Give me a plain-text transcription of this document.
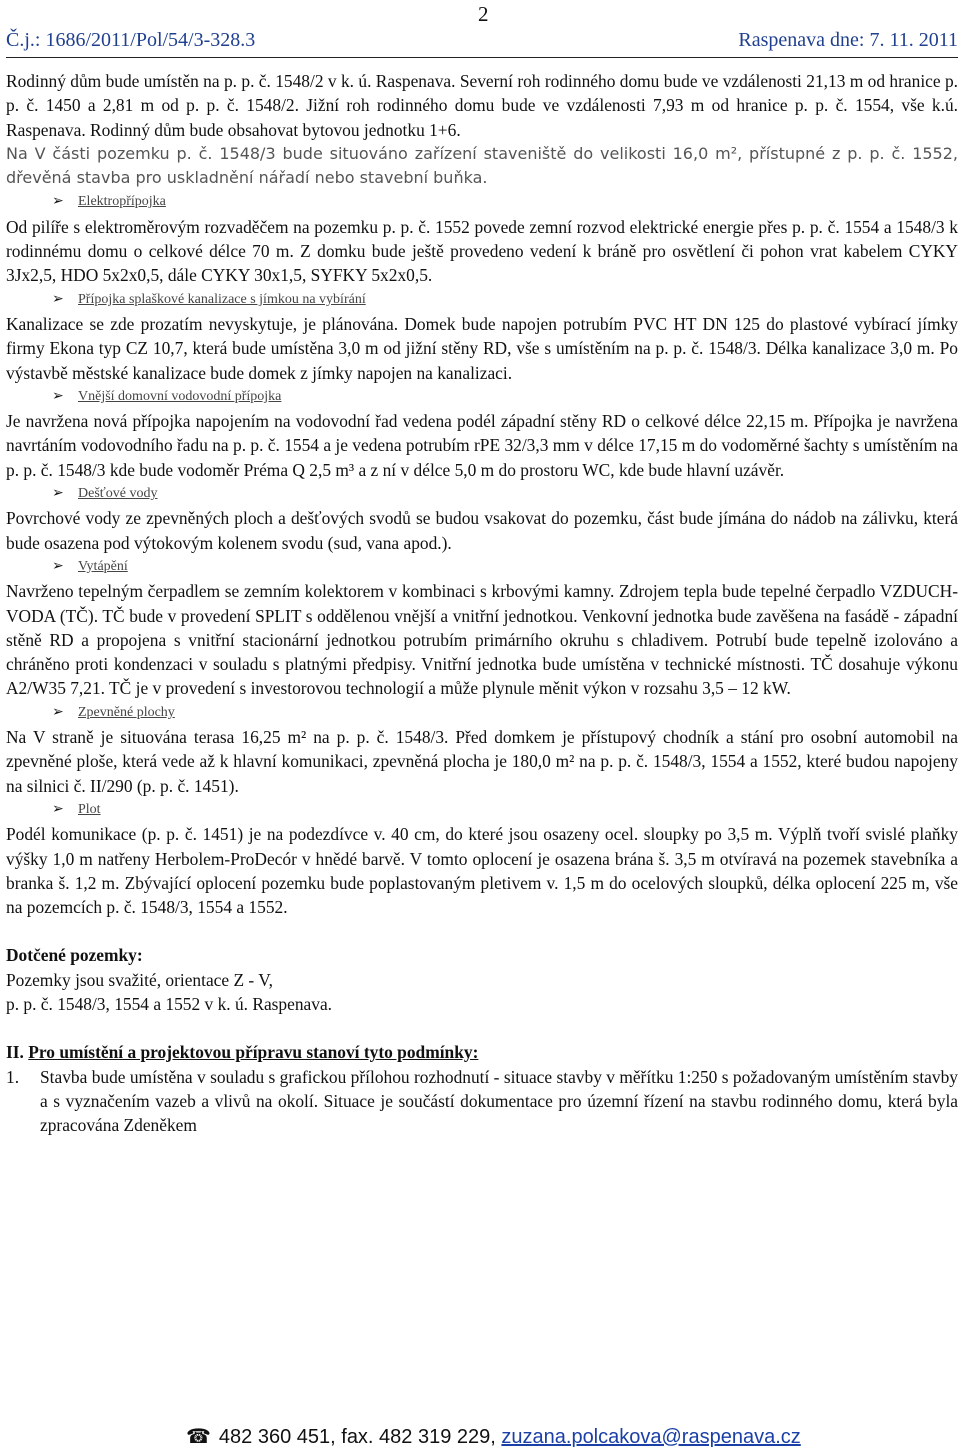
2
Č.j.: 1686/2011/Pol/54/3-328.3	Raspenava dne: 7. 11. 2011

Rodinný dům bude umístěn na p. p. č. 1548/2 v k. ú. Raspenava. Severní roh rodinného domu bude ve vzdálenosti 21,13 m od hranice p. p. č. 1450 a 2,81 m od p. p. č. 1548/2. Jižní roh rodinného domu bude ve vzdálenosti 7,93 m od hranice p. p. č. 1554, vše k.ú. Raspenava. Rodinný dům bude obsahovat bytovou jednotku 1+6.

Na V části pozemku p. č. 1548/3 bude situováno zařízení staveniště do velikosti 16,0 m², přístupné z p. p. č. 1552, dřevěná stavba pro uskladnění nářadí nebo stavební buňka.

➢ Elektropřípojka

Od pilíře s elektroměrovým rozvaděčem na pozemku p. p. č. 1552 povede zemní rozvod elektrické energie přes p. p. č. 1554 a 1548/3 k rodinnému domu o celkové délce 70 m. Z domku bude ještě provedeno vedení k bráně pro osvětlení či pohon vrat kabelem CYKY 3Jx2,5, HDO 5x2x0,5, dále CYKY 30x1,5, SYFKY 5x2x0,5.

➢ Přípojka splaškové kanalizace s jímkou na vybírání

Kanalizace se zde prozatím nevyskytuje, je plánována. Domek bude napojen potrubím PVC HT DN 125 do plastové vybírací jímky firmy Ekona typ CZ 10,7, která bude umístěna 3,0 m od jižní stěny RD, vše s umístěním na p. p. č. 1548/3. Délka kanalizace 3,0 m. Po výstavbě městské kanalizace bude domek z jímky napojen na kanalizaci.

➢ Vnější domovní vodovodní přípojka

Je navržena nová přípojka napojením na vodovodní řad vedena podél západní stěny RD o celkové délce 22,15 m. Přípojka je navržena navrtáním vodovodního řadu na p. p. č. 1554 a je vedena potrubím rPE 32/3,3 mm v délce 17,15 m do vodoměrné šachty s umístěním na p. p. č. 1548/3 kde bude vodoměr Préma Q 2,5 m³ a z ní v délce 5,0 m do prostoru WC, kde bude hlavní uzávěr.

➢ Dešťové vody

Povrchové vody ze zpevněných ploch a dešťových svodů se budou vsakovat do pozemku, část bude jímána do nádob na zálivku, která bude osazena pod výtokovým kolenem svodu (sud, vana apod.).

➢ Vytápění

Navrženo tepelným čerpadlem se zemním kolektorem v kombinaci s krbovými kamny. Zdrojem tepla bude tepelné čerpadlo VZDUCH-VODA (TČ). TČ bude v provedení SPLIT s oddělenou vnější a vnitřní jednotkou. Venkovní jednotka bude zavěšena na fasádě - západní stěně RD a propojena s vnitřní stacionární jednotkou potrubím primárního okruhu s chladivem. Potrubí bude tepelně izolováno a chráněno proti kondenzaci v souladu s platnými předpisy. Vnitřní jednotka bude umístěna v technické místnosti. TČ dosahuje výkonu A2/W35 7,21. TČ je v provedení s investorovou technologií a může plynule měnit výkon v rozsahu 3,5 – 12 kW.

➢ Zpevněné plochy

Na V straně je situována terasa 16,25 m² na p. p. č. 1548/3. Před domkem je přístupový chodník a stání pro osobní automobil na zpevněné ploše, která vede až k hlavní komunikaci, zpevněná plocha je 180,0 m² na p. p. č. 1548/3, 1554 a 1552, které budou napojeny na silnici č. II/290 (p. p. č. 1451).

➢ Plot

Podél komunikace (p. p. č. 1451) je na podezdívce v. 40 cm, do které jsou osazeny ocel. sloupky po 3,5 m. Výplň tvoří svislé plaňky výšky 1,0 m natřeny Herbolem-ProDecór v hnědé barvě. V tomto oplocení je osazena brána š. 3,5 m otvíravá na pozemek stavebníka a branka š. 1,2 m. Zbývající oplocení pozemku bude poplastovaným pletivem v. 1,5 m do ocelových sloupků, délka oplocení 225 m, vše na pozemcích p. č. 1548/3, 1554 a 1552.

Dotčené pozemky:

Pozemky jsou svažité, orientace Z - V,

p. p. č. 1548/3, 1554 a 1552 v k. ú. Raspenava.

II. Pro umístění a projektovou přípravu stanoví tyto podmínky:

1.	Stavba bude umístěna v souladu s grafickou přílohou rozhodnutí - situace stavby v měřítku 1:250 s požadovaným umístěním stavby a s vyznačením vazeb a vlivů na okolí. Situace je součástí dokumentace pro územní řízení na stavbu rodinného domu, která byla zpracována Zdeněkem
☎ 482 360 451, fax. 482 319 229, zuzana.polcakova@raspenava.cz
